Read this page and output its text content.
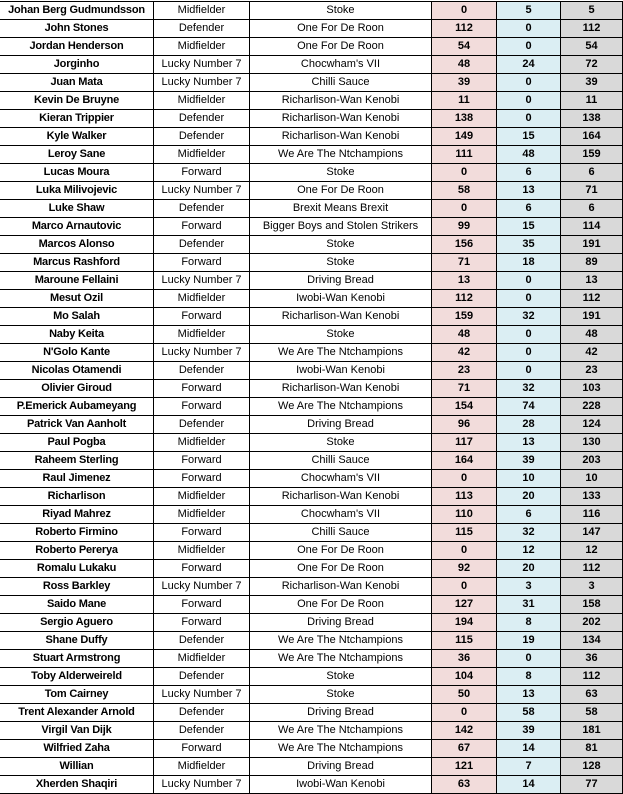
Johan Berg Gudmundsson	Midfielder	Stoke	0	5	5
John Stones	Defender	One For De Roon	112	0	112
Jordan Henderson	Midfielder	One For De Roon	54	0	54
Jorginho	Lucky Number 7	Chocwham's VII	48	24	72
Juan Mata	Lucky Number 7	Chilli Sauce	39	0	39
Kevin De Bruyne	Midfielder	Richarlison-Wan Kenobi	11	0	11
Kieran Trippier	Defender	Richarlison-Wan Kenobi	138	0	138
Kyle Walker	Defender	Richarlison-Wan Kenobi	149	15	164
Leroy Sane	Midfielder	We Are The Ntchampions	111	48	159
Lucas Moura	Forward	Stoke	0	6	6
Luka Milivojevic	Lucky Number 7	One For De Roon	58	13	71
Luke Shaw	Defender	Brexit Means Brexit	0	6	6
Marco Arnautovic	Forward	Bigger Boys and Stolen Strikers	99	15	114
Marcos Alonso	Defender	Stoke	156	35	191
Marcus Rashford	Forward	Stoke	71	18	89
Maroune Fellaini	Lucky Number 7	Driving Bread	13	0	13
Mesut Ozil	Midfielder	Iwobi-Wan Kenobi	112	0	112
Mo Salah	Forward	Richarlison-Wan Kenobi	159	32	191
Naby Keita	Midfielder	Stoke	48	0	48
N'Golo Kante	Lucky Number 7	We Are The Ntchampions	42	0	42
Nicolas Otamendi	Defender	Iwobi-Wan Kenobi	23	0	23
Olivier Giroud	Forward	Richarlison-Wan Kenobi	71	32	103
P.Emerick Aubameyang	Forward	We Are The Ntchampions	154	74	228
Patrick Van Aanholt	Defender	Driving Bread	96	28	124
Paul Pogba	Midfielder	Stoke	117	13	130
Raheem Sterling	Forward	Chilli Sauce	164	39	203
Raul Jimenez	Forward	Chocwham's VII	0	10	10
Richarlison	Midfielder	Richarlison-Wan Kenobi	113	20	133
Riyad Mahrez	Midfielder	Chocwham's VII	110	6	116
Roberto Firmino	Forward	Chilli Sauce	115	32	147
Roberto Pererya	Midfielder	One For De Roon	0	12	12
Romalu Lukaku	Forward	One For De Roon	92	20	112
Ross Barkley	Lucky Number 7	Richarlison-Wan Kenobi	0	3	3
Saido Mane	Forward	One For De Roon	127	31	158
Sergio Aguero	Forward	Driving Bread	194	8	202
Shane Duffy	Defender	We Are The Ntchampions	115	19	134
Stuart Armstrong	Midfielder	We Are The Ntchampions	36	0	36
Toby Alderweireld	Defender	Stoke	104	8	112
Tom Cairney	Lucky Number 7	Stoke	50	13	63
Trent Alexander Arnold	Defender	Driving Bread	0	58	58
Virgil Van Dijk	Defender	We Are The Ntchampions	142	39	181
Wilfried Zaha	Forward	We Are The Ntchampions	67	14	81
Willian	Midfielder	Driving Bread	121	7	128
Xherden Shaqiri	Lucky Number 7	Iwobi-Wan Kenobi	63	14	77
